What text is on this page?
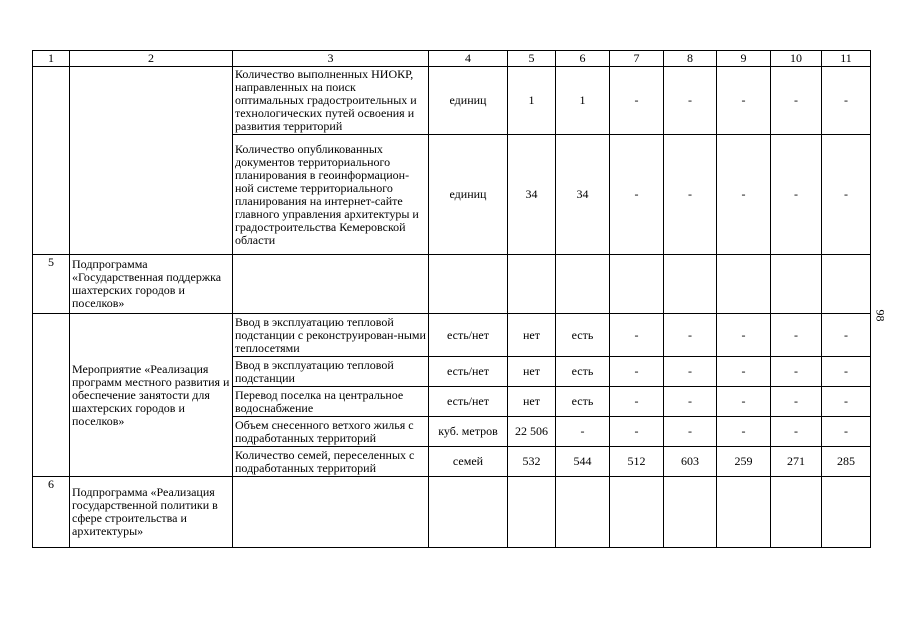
98
1	2	3	4	5	6	7	8	9	10	11
		Количество выполненных НИОКР, направленных на поиск оптимальных градостроительных и технологических путей освоения и развития территорий	единиц	1	1	-	-	-	-	-
		Количество опубликованных документов территориального планирования в геоинформацион-ной системе территориального планирования на интернет-сайте главного управления архитектуры и градостроительства Кемеровской области	единиц	34	34	-	-	-	-	-
5	Подпрограмма «Государственная поддержка шахтерских городов и поселков»									
	Мероприятие «Реализация программ местного развития и обеспечение занятости для шахтерских городов и поселков»	Ввод в эксплуатацию тепловой подстанции с реконструирован-ными теплосетями	есть/нет	нет	есть	-	-	-	-	-
		Ввод в эксплуатацию тепловой подстанции	есть/нет	нет	есть	-	-	-	-	-
		Перевод поселка на центральное водоснабжение	есть/нет	нет	есть	-	-	-	-	-
		Объем снесенного ветхого жилья с подработанных территорий	куб. метров	22 506	-	-	-	-	-	-
		Количество семей, переселенных с подработанных территорий	семей	532	544	512	603	259	271	285
6	Подпрограмма «Реализация государственной политики в сфере строительства и архитектуры»									
